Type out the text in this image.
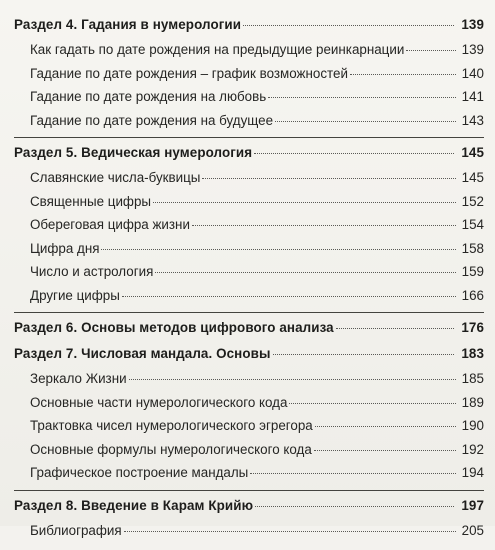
Раздел 4. Гадания в нумерологии	139
Как гадать по дате рождения на предыдущие реинкарнации	139
Гадание по дате рождения – график возможностей	140
Гадание по дате рождения на любовь	141
Гадание по дате рождения на будущее	143
Раздел 5. Ведическая нумерология	145
Славянские числа-буквицы	145
Священные цифры	152
Обереговая цифра жизни	154
Цифра дня	158
Число и астрология	159
Другие цифры	166
Раздел 6. Основы методов цифрового анализа	176
Раздел 7. Числовая мандала. Основы	183
Зеркало Жизни	185
Основные части нумерологического кода	189
Трактовка чисел нумерологического эгрегора	190
Основные формулы нумерологического кода	192
Графическое построение мандалы	194
Раздел 8. Введение в Карам Крийю	197
Библиография	205
